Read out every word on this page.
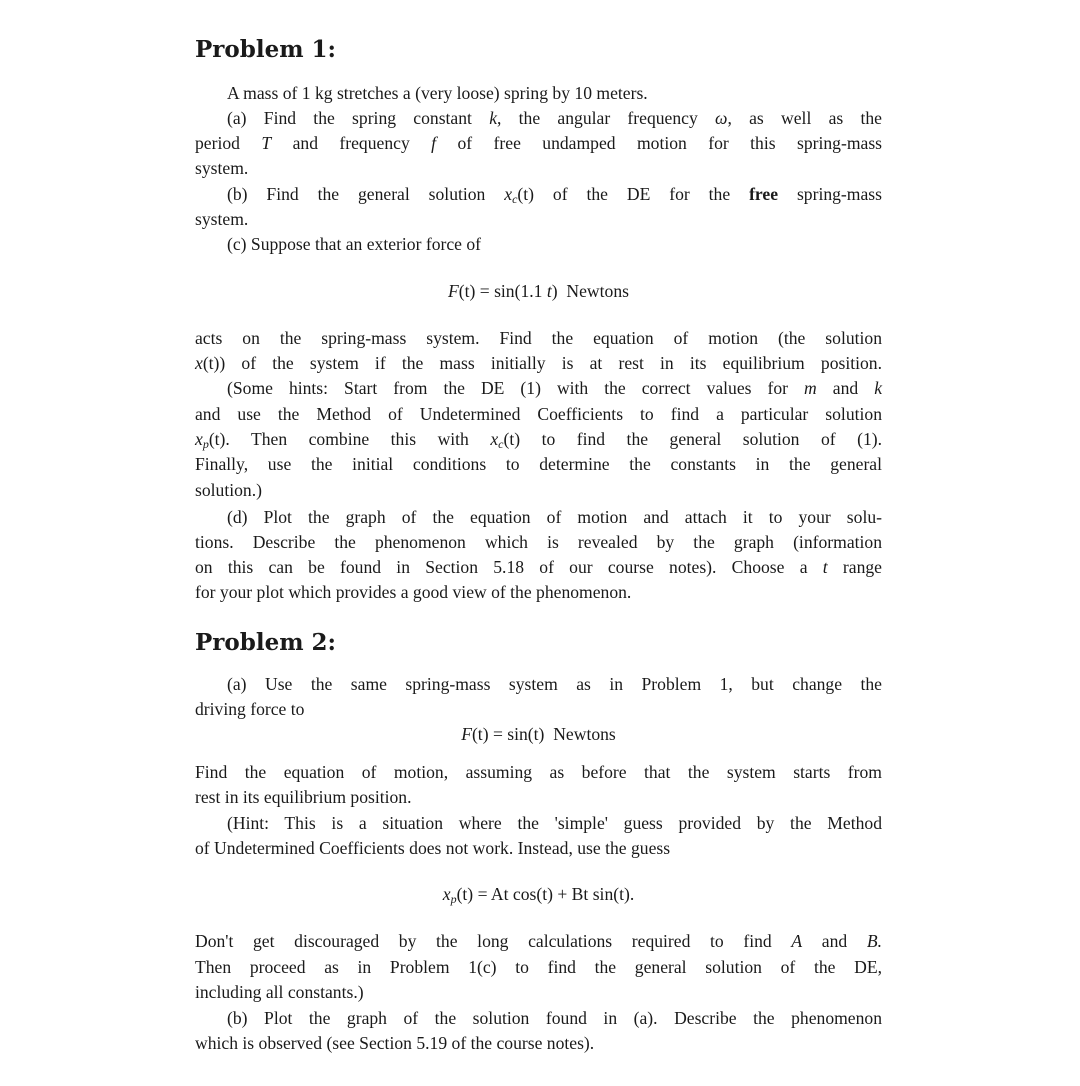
Problem 1:
A mass of 1 kg stretches a (very loose) spring by 10 meters.
(a) Find the spring constant k, the angular frequency ω, as well as the
period T and frequency f of free undamped motion for this spring-mass
system.
(b) Find the general solution $x_c(t)$ of the DE for the free spring-mass
system.
(c) Suppose that an exterior force of
F(t) = sin(1.1 t) Newtons
acts on the spring-mass system. Find the equation of motion (the solution
x(t)) of the system if the mass initially is at rest in its equilibrium position.
(Some hints: Start from the DE (1) with the correct values for m and k
and use the Method of Undetermined Coefficients to find a particular solution
$x_p(t)$. Then combine this with $x_c(t)$ to find the general solution of (1).
Finally, use the initial conditions to determine the constants in the general
solution.)
(d) Plot the graph of the equation of motion and attach it to your solu-
tions. Describe the phenomenon which is revealed by the graph (information
on this can be found in Section 5.18 of our course notes). Choose a t range
for your plot which provides a good view of the phenomenon.
Problem 2:
(a) Use the same spring-mass system as in Problem 1, but change the
driving force to
F(t) = sin(t) Newtons
Find the equation of motion, assuming as before that the system starts from
rest in its equilibrium position.
(Hint: This is a situation where the 'simple' guess provided by the Method
of Undetermined Coefficients does not work. Instead, use the guess
$x_p(t) = At$ cos(t) + Bt sin(t).
Don't get discouraged by the long calculations required to find A and B.
Then proceed as in Problem 1(c) to find the general solution of the DE,
including all constants.)
(b) Plot the graph of the solution found in (a). Describe the phenomenon
which is observed (see Section 5.19 of the course notes).
